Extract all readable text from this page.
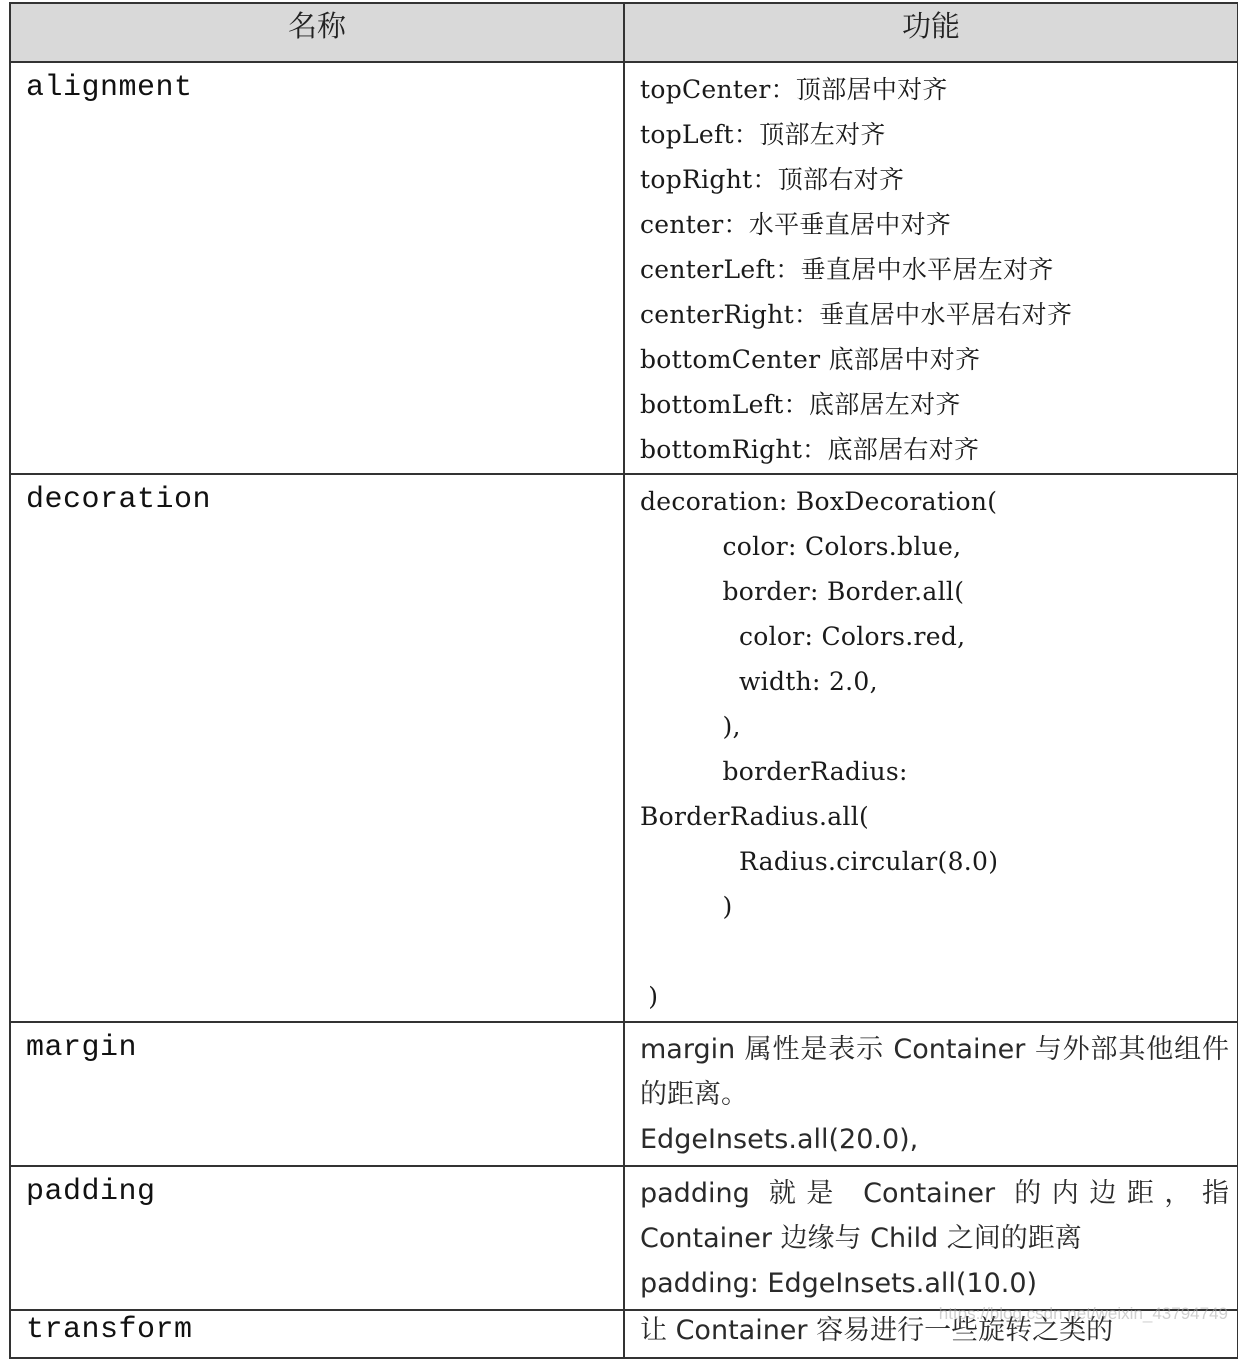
名称	功能
alignment	topCenter：顶部居中对齐
topLeft：顶部左对齐
topRight：顶部右对齐
center：水平垂直居中对齐
centerLeft：垂直居中水平居左对齐
centerRight：垂直居中水平居右对齐
bottomCenter 底部居中对齐
bottomLeft：底部居左对齐
bottomRight：底部居右对齐

decoration	decoration: BoxDecoration(
color: Colors.blue,
border: Border.all(
color: Colors.red,
width: 2.0,
),
borderRadius:
BorderRadius.all(
Radius.circular(8.0)
)

)

margin	margin 属性是表示 Container 与外部其他组件的距离。
EdgeInsets.all(20.0),

padding	padding 就是 Container 的内边距，指 Container 边缘与 Child 之间的距离
padding: EdgeInsets.all(10.0)

transform	让 Container 容易进行一些旋转之类的
https://blog.csdn.net/weixin_43794749
